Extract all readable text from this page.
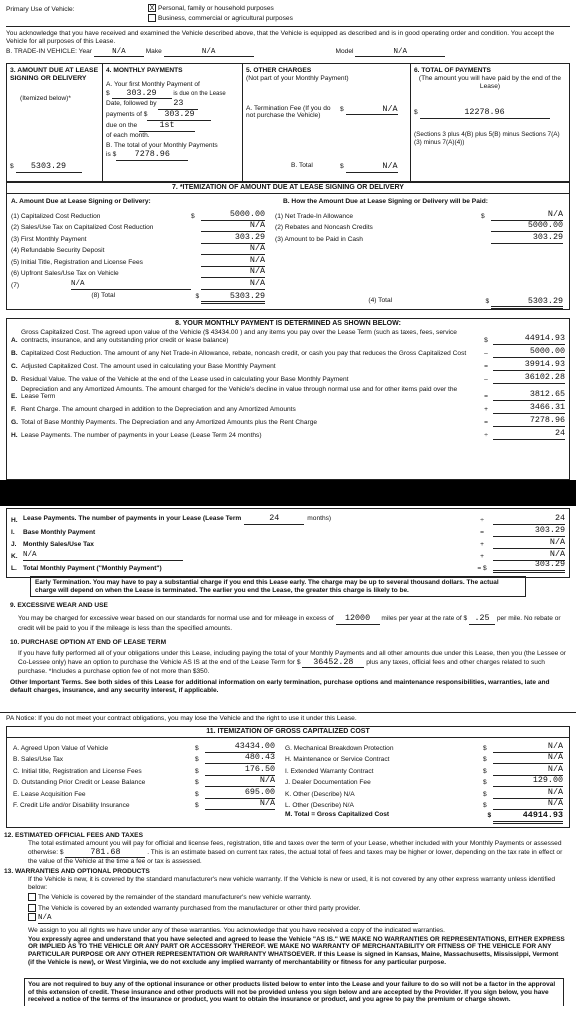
Primary Use of Vehicle:	X Personal, family or household purposes
Business, commercial or agricultural purposes
You acknowledge that you have received and examined the Vehicle described above, that the Vehicle is equipped as described and is in good operating order and condition. You accept the Vehicle for all purposes of this Lease.
B. TRADE-IN VEHICLE: Year	N/A	Make	N/A	Model	N/A
3. AMOUNT DUE AT LEASE SIGNING OR DELIVERY
(Itemized below)*
$ 5303.29
4. MONTHLY PAYMENTS
A. Your first Monthly Payment of
$ 303.29	is due on the Lease
Date, followed by 23
payments of $ 303.29
due on the	1st
of each month.
B. The total of your Monthly Payments
is $ 7278.96
5. OTHER CHARGES
(Not part of your Monthly Payment)
A. Termination Fee (If you do not purchase the Vehicle)
$	N/A
B. Total	$	N/A
6. TOTAL OF PAYMENTS
(The amount you will have paid by the end of the Lease)
$	12278.96
(Sections 3 plus 4(B) plus 5(B) minus Sections 7(A)(3) minus 7(A)(4))
7. *ITEMIZATION OF AMOUNT DUE AT LEASE SIGNING OR DELIVERY
A. Amount Due at Lease Signing or Delivery:
(1) Capitalized Cost Reduction	$	5000.00
(2) Sales/Use Tax on Capitalized Cost Reduction	N/A
(3) First Monthly Payment	303.29
(4) Refundable Security Deposit	N/A
(5) Initial Title, Registration and License Fees	N/A
(6) Upfront Sales/Use Tax on Vehicle	N/A
(7)	N/A	N/A
(8) Total	$	5303.29
B. How the Amount Due at Lease Signing or Delivery will be Paid:
(1) Net Trade-In Allowance	$	N/A
(2) Rebates and Noncash Credits	5000.00
(3) Amount to be Paid in Cash	303.29
(4) Total	$	5303.29
8. YOUR MONTHLY PAYMENT IS DETERMINED AS SHOWN BELOW:
A.
Gross Capitalized Cost. The agreed upon value of the Vehicle ($ 43434.00 ) and any items you pay over the Lease Term (such as taxes, fees, service contracts, insurance, and any outstanding prior credit or lease balance)	$	44914.93
B. Capitalized Cost Reduction. The amount of any Net Trade-in Allowance, rebate, noncash credit, or cash you pay that reduces the Gross Capitalized Cost	–	5000.00
C. Adjusted Capitalized Cost. The amount used in calculating your Base Monthly Payment	=	39914.93
D. Residual Value. The value of the Vehicle at the end of the Lease used in calculating your Base Monthly Payment	–	36102.28
E.
Depreciation and any Amortized Amounts. The amount charged for the Vehicle's decline in value through normal use and for other items paid over the Lease Term	=	3812.65
F. Rent Charge. The amount charged in addition to the Depreciation and any Amortized Amounts	+	3466.31
G. Total of Base Monthly Payments. The Depreciation and any Amortized Amounts plus the Rent Charge	=	7278.96
H. Lease Payments. The number of payments in your Lease (Lease Term 24 months)	÷	24
H. Lease Payments. The number of payments in your Lease (Lease Term	24	months)	÷	24
I.	Base Monthly Payment	=	303.29
J. Monthly Sales/Use Tax	+	N/A
K. N/A	+	N/A
L. Total Monthly Payment ("Monthly Payment")	= $	303.29
Early Termination. You may have to pay a substantial charge if you end this Lease early. The charge may be up to several thousand dollars. The actual charge will depend on when the Lease is terminated. The earlier you end the Lease, the greater this charge is likely to be.
9. EXCESSIVE WEAR AND USE
You may be charged for excessive wear based on our standards for normal use and for mileage in excess of 12000 miles per year at the rate of $ .25 per mile. No rebate or credit will be paid to you if the mileage is less than the specified amounts.
10. PURCHASE OPTION AT END OF LEASE TERM
If you have fully performed all of your obligations under this Lease, including paying the total of your Monthly Payments and all other amounts due under this Lease, then you (the Lessee or Co-Lessee only) have an option to purchase the Vehicle AS IS at the end of the Lease Term for $ 36452.28 plus any taxes, official fees and other charges related to such purchase. *Includes a purchase option fee of not more than $350.
Other Important Terms. See both sides of this Lease for additional information on early termination, purchase options and maintenance responsibilities, warranties, late and default charges, insurance, and any security interest, if applicable.
PA Notice: If you do not meet your contract obligations, you may lose the Vehicle and the right to use it under this Lease.
11. ITEMIZATION OF GROSS CAPITALIZED COST
A. Agreed Upon Value of Vehicle	$	43434.00
B. Sales/Use Tax	$	480.43
C. Initial title, Registration and License Fees	$	176.50
D. Outstanding Prior Credit or Lease Balance	$	N/A
E. Lease Acquisition Fee	$	695.00
F. Credit Life and/or Disability Insurance	$	N/A
G. Mechanical Breakdown Protection	$	N/A
H. Maintenance or Service Contract	$	N/A
I. Extended Warranty Contract	$	N/A
J. Dealer Documentation Fee	$	129.00
K. Other (Describe) N/A	$	N/A
L. Other (Describe) N/A	$	N/A
M. Total = Gross Capitalized Cost	$	44914.93
12. ESTIMATED OFFICIAL FEES AND TAXES
The total estimated amount you will pay for official and license fees, registration, title and taxes over the term of your Lease, whether included with your Monthly Payments or assessed otherwise: $	781.68	. This is an estimate based on current tax rates, the actual total of fees and taxes may be higher or lower, depending on the tax rate in effect or the value of the Vehicle at the time a fee or tax is assessed.
13. WARRANTIES AND OPTIONAL PRODUCTS
If the Vehicle is new, it is covered by the standard manufacturer's new vehicle warranty. If the Vehicle is new or used, it is not covered by any other express warranty unless identified below:
The Vehicle is covered by the remainder of the standard manufacturer's new vehicle warranty.
The Vehicle is covered by an extended warranty purchased from the manufacturer or other third party provider.
N/A
We assign to you all rights we have under any of these warranties. You acknowledge that you have received a copy of the indicated warranties.
You expressly agree and understand that you have selected and agreed to lease the Vehicle "AS IS." WE MAKE NO WARRANTIES OR REPRESENTATIONS, EITHER EXPRESS OR IMPLIED AS TO THE VEHICLE OR ANY PART OR ACCESSORY THEREOF. WE MAKE NO WARRANTY OF MERCHANTABILITY OR FITNESS OF THE VEHICLE FOR ANY PARTICULAR PURPOSE OR ANY OTHER REPRESENTATION OR WARRANTY WHATSOEVER. If this Lease is signed in Kansas, Maine, Massachusetts, Mississippi, Vermont (if the Vehicle is new), or West Virginia, we do not exclude any implied warranty of merchantability or fitness for any particular purpose.
You are not required to buy any of the optional insurance or other products listed below to enter into the Lease and your failure to do so will not be a factor in the approval of this extension of credit. These insurance and other products will not be provided unless you sign below and are accepted by the Provider. If you sign below, you have received a notice of the terms of the insurance or product, you want to obtain the insurance or product, and you agree to pay the premium or charge shown.
